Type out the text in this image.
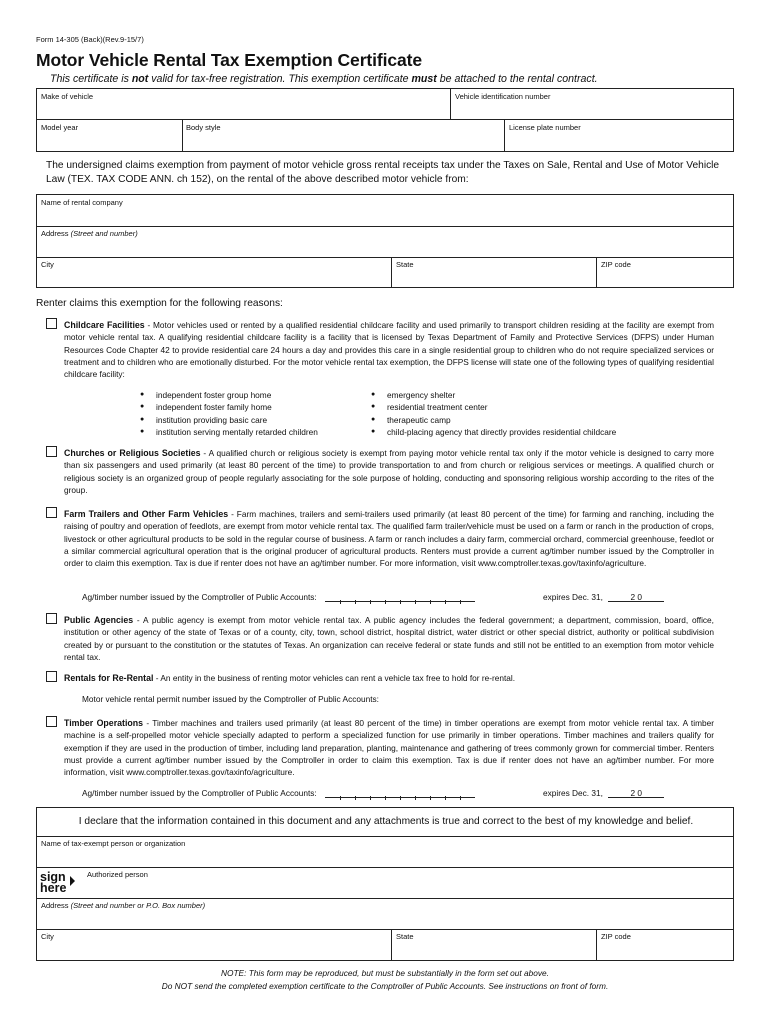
Form 14-305 (Back)(Rev.9-15/7)
Motor Vehicle Rental Tax Exemption Certificate
This certificate is not valid for tax-free registration. This exemption certificate must be attached to the rental contract.
Make of vehicle	Vehicle identification number
Model year	Body style	License plate number
The undersigned claims exemption from payment of motor vehicle gross rental receipts tax under the Taxes on Sale, Rental and Use of Motor Vehicle Law (TEX. TAX CODE ANN. ch 152), on the rental of the above described motor vehicle from:
Name of rental company
Address (Street and number)
City	State	ZIP code
Renter claims this exemption for the following reasons:
Childcare Facilities - Motor vehicles used or rented by a qualified residential childcare facility and used primarily to transport children residing at the facility are exempt from motor vehicle rental tax. A qualifying residential childcare facility is a facility that is licensed by Texas Department of Family and Protective Services (DFPS) under Human Resources Code Chapter 42 to provide residential care 24 hours a day and provides this care in a single residential group to children who do not require specialized services or treatment and to children who are emotionally disturbed. For the motor vehicle rental tax exemption, the DFPS license will state one of the following types of qualifying residential childcare facility:
● independent foster group home
● independent foster family home
● institution providing basic care
● institution serving mentally retarded children
● emergency shelter
● residential treatment center
● therapeutic camp
● child-placing agency that directly provides residential childcare
Churches or Religious Societies - A qualified church or religious society is exempt from paying motor vehicle rental tax only if the motor vehicle is designed to carry more than six passengers and used primarily (at least 80 percent of the time) to provide transportation to and from church or religious services or meetings. A qualified church or religious society is an organized group of people regularly associating for the sole purpose of holding, conducting and sponsoring religious worship according to the rites of the group.
Farm Trailers and Other Farm Vehicles - Farm machines, trailers and semi-trailers used primarily (at least 80 percent of the time) for farming and ranching, including the raising of poultry and operation of feedlots, are exempt from motor vehicle rental tax. The qualified farm trailer/vehicle must be used on a farm or ranch in the production of crops, livestock or other agricultural products to be sold in the regular course of business. A farm or ranch includes a dairy farm, commercial orchard, commercial greenhouse, feedlot or a similar commercial agricultural operation that is the original producer of agricultural products. Renters must provide a current ag/timber number issued by the Comptroller in order to claim this exemption. Tax is due if renter does not have an ag/timber number. For more information, visit www.comptroller.texas.gov/taxinfo/agriculture.
Ag/timber number issued by the Comptroller of Public Accounts:	expires Dec. 31,	2 0
Public Agencies - A public agency is exempt from motor vehicle rental tax. A public agency includes the federal government; a department, commission, board, office, institution or other agency of the state of Texas or of a county, city, town, school district, hospital district, water district or other special district, authority or political subdivision created by or pursuant to the constitution or the statutes of Texas. An organization can receive federal or state funds and still not be entitled to an exemption from motor vehicle rental tax.
Rentals for Re-Rental - An entity in the business of renting motor vehicles can rent a vehicle tax free to hold for re-rental.
Motor vehicle rental permit number issued by the Comptroller of Public Accounts:
Timber Operations - Timber machines and trailers used primarily (at least 80 percent of the time) in timber operations are exempt from motor vehicle rental tax. A timber machine is a self-propelled motor vehicle specially adapted to perform a specialized function for use primarily in timber operations. Timber machines and trailers qualify for exemption if they are used in the production of timber, including land preparation, planting, maintenance and gathering of trees commonly grown for commercial timber. Renters must provide a current ag/timber number issued by the Comptroller in order to claim this exemption. Tax is due if renter does not have an ag/timber number. For more information, visit www.comptroller.texas.gov/taxinfo/agriculture.
Ag/timber number issued by the Comptroller of Public Accounts:	expires Dec. 31,	2 0
I declare that the information contained in this document and any attachments is true and correct to the best of my knowledge and belief.
Name of tax-exempt person or organization
Authorized person
Address (Street and number or P.O. Box number)
City	State	ZIP code
sign
here
NOTE: This form may be reproduced, but must be substantially in the form set out above.
Do NOT send the completed exemption certificate to the Comptroller of Public Accounts. See instructions on front of form.
